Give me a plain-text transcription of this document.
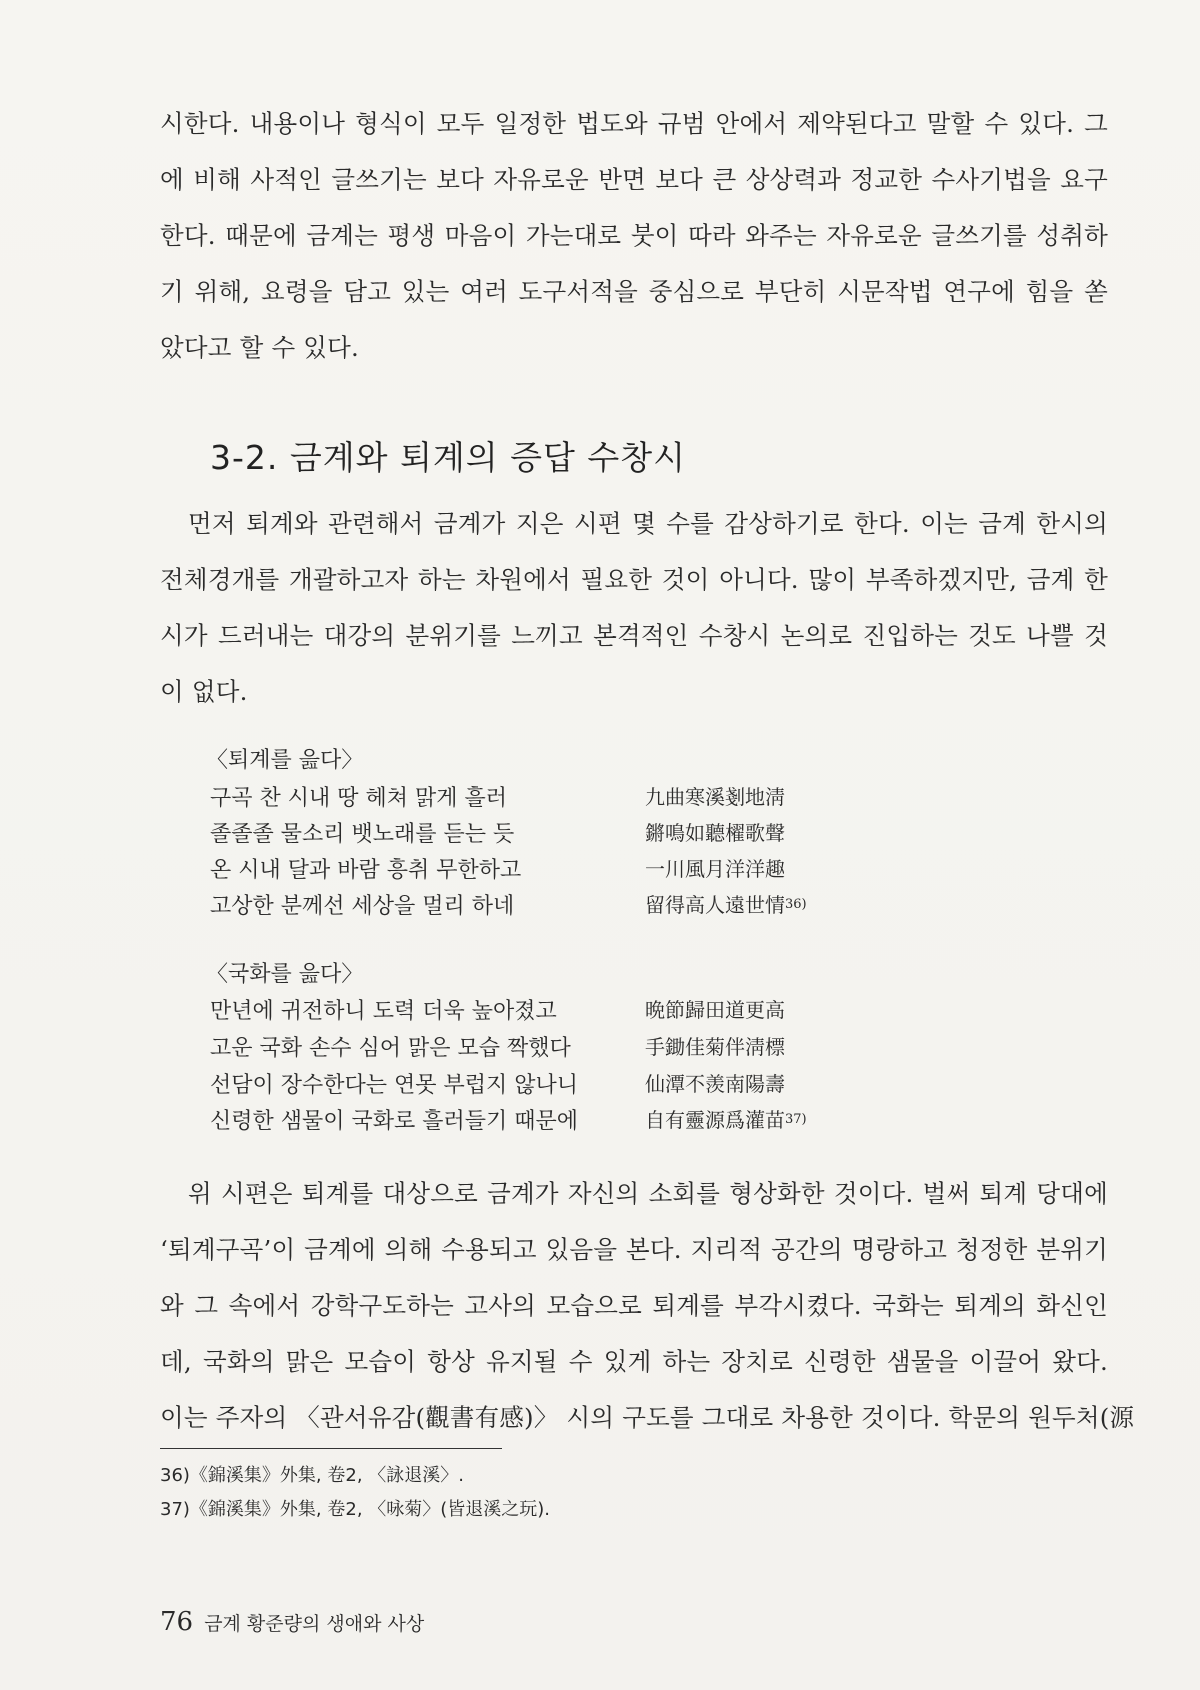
시한다. 내용이나 형식이 모두 일정한 법도와 규범 안에서 제약된다고 말할 수 있다. 그
에 비해 사적인 글쓰기는 보다 자유로운 반면 보다 큰 상상력과 정교한 수사기법을 요구
한다. 때문에 금계는 평생 마음이 가는대로 붓이 따라 와주는 자유로운 글쓰기를 성취하
기 위해, 요령을 담고 있는 여러 도구서적을 중심으로 부단히 시문작법 연구에 힘을 쏟
았다고 할 수 있다.
3-2. 금계와 퇴계의 증답 수창시
먼저 퇴계와 관련해서 금계가 지은 시편 몇 수를 감상하기로 한다. 이는 금계 한시의
전체경개를 개괄하고자 하는 차원에서 필요한 것이 아니다. 많이 부족하겠지만, 금계 한
시가 드러내는 대강의 분위기를 느끼고 본격적인 수창시 논의로 진입하는 것도 나쁠 것
이 없다.
〈퇴계를 읊다〉
구곡 찬 시내 땅 헤쳐 맑게 흘러	九曲寒溪剗地淸
졸졸졸 물소리 뱃노래를 듣는 듯	鏘鳴如聽櫂歌聲
온 시내 달과 바람 흥취 무한하고	一川風月洋洋趣
고상한 분께선 세상을 멀리 하네	留得高人遠世情$^{36)}$
〈국화를 읊다〉
만년에 귀전하니 도력 더욱 높아졌고	晩節歸田道更高
고운 국화 손수 심어 맑은 모습 짝했다	手鋤佳菊伴淸標
선담이 장수한다는 연못 부럽지 않나니	仙潭不羡南陽壽
신령한 샘물이 국화로 흘러들기 때문에	自有靈源爲灌苗$^{37)}$
위 시편은 퇴계를 대상으로 금계가 자신의 소회를 형상화한 것이다. 벌써 퇴계 당대에
‘퇴계구곡’이 금계에 의해 수용되고 있음을 본다. 지리적 공간의 명랑하고 청정한 분위기
와 그 속에서 강학구도하는 고사의 모습으로 퇴계를 부각시켰다. 국화는 퇴계의 화신인
데, 국화의 맑은 모습이 항상 유지될 수 있게 하는 장치로 신령한 샘물을 이끌어 왔다.
이는 주자의 〈관서유감(觀書有感)〉 시의 구도를 그대로 차용한 것이다. 학문의 원두처(源
36)《錦溪集》外集, 卷2, 〈詠退溪〉.
37)《錦溪集》外集, 卷2, 〈咏菊〉(皆退溪之玩).
76 금계 황준량의 생애와 사상
